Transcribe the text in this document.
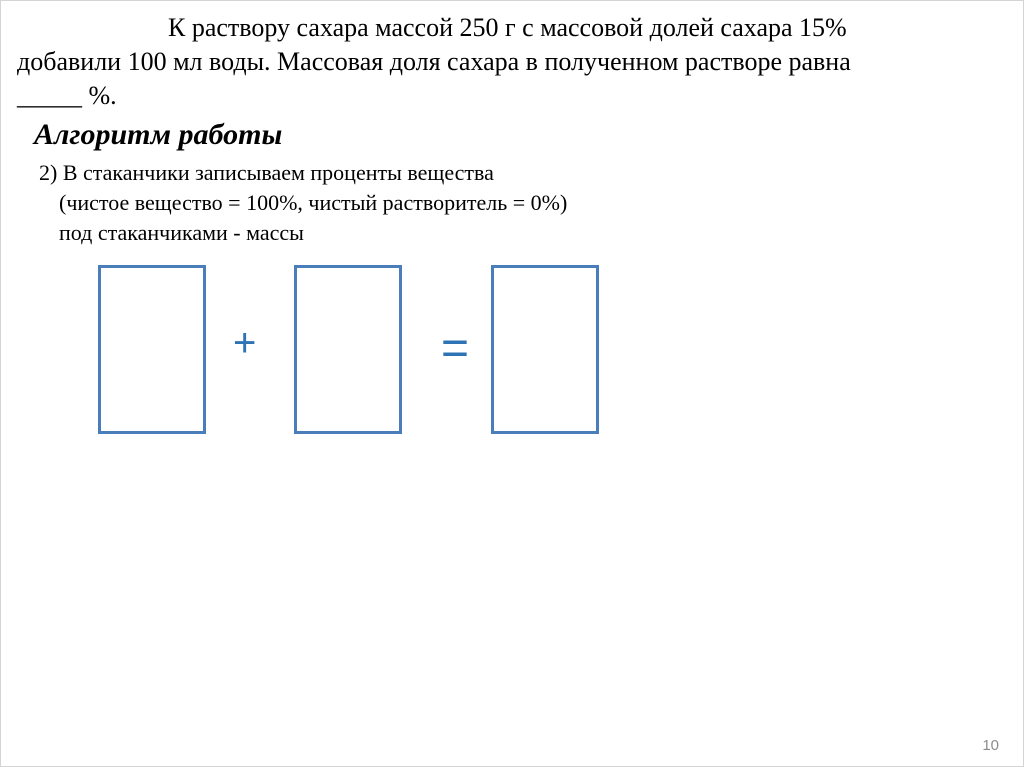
К раствору сахара массой 250 г с массовой долей сахара 15%
добавили 100 мл воды. Массовая доля сахара в полученном растворе равна
_____ %.
Алгоритм работы
2) В стаканчики записываем проценты вещества
(чистое вещество = 100%, чистый растворитель = 0%)
под стаканчиками - массы
+	=
10
